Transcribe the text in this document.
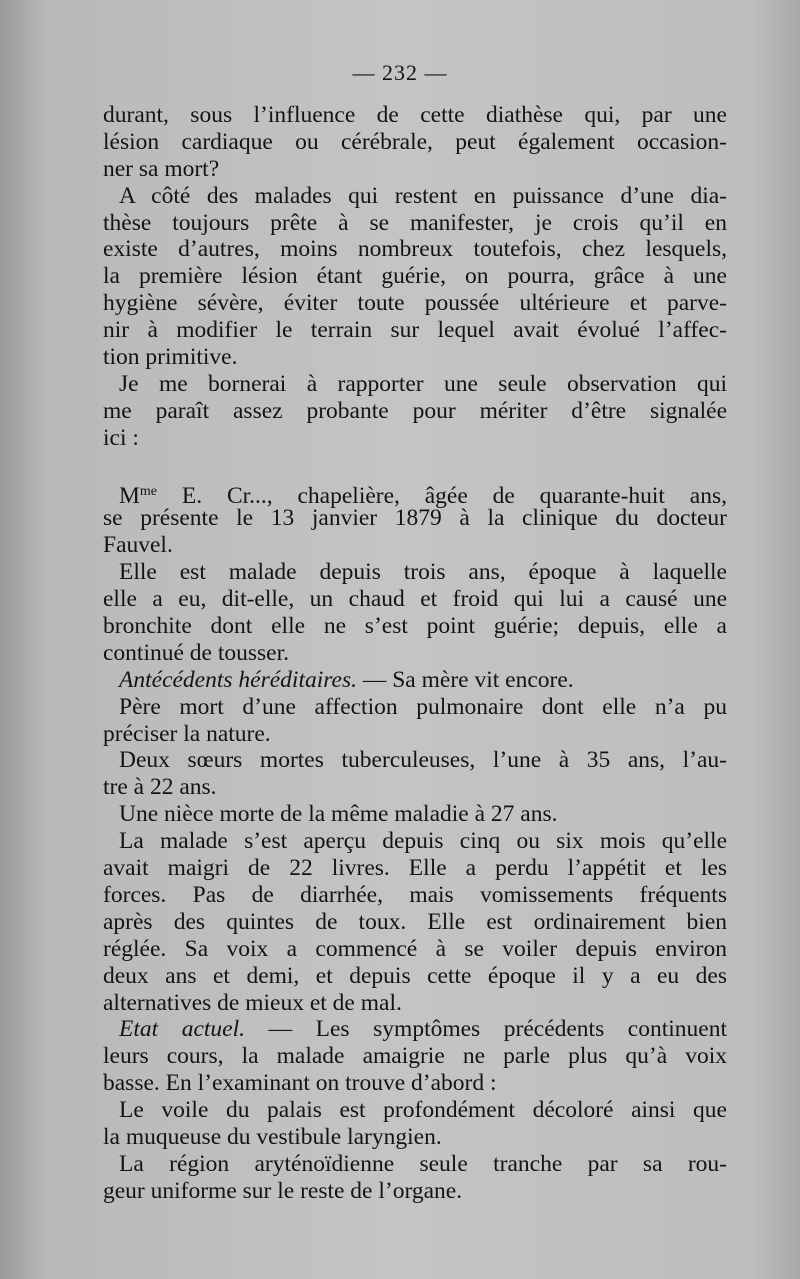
— 232 —
durant, sous l’influence de cette diathèse qui, par une
lésion cardiaque ou cérébrale, peut également occasion-
ner sa mort?
A côté des malades qui restent en puissance d’une dia-
thèse toujours prête à se manifester, je crois qu’il en
existe d’autres, moins nombreux toutefois, chez lesquels,
la première lésion étant guérie, on pourra, grâce à une
hygiène sévère, éviter toute poussée ultérieure et parve-
nir à modifier le terrain sur lequel avait évolué l’affec-
tion primitive.
Je me bornerai à rapporter une seule observation qui
me paraît assez probante pour mériter d’être signalée
ici :
$M^{me}$ E. Cr..., chapelière, âgée de quarante-huit ans,
se présente le 13 janvier 1879 à la clinique du docteur
Fauvel.
Elle est malade depuis trois ans, époque à laquelle
elle a eu, dit-elle, un chaud et froid qui lui a causé une
bronchite dont elle ne s’est point guérie; depuis, elle a
continué de tousser.
Antécédents héréditaires. — Sa mère vit encore.
Père mort d’une affection pulmonaire dont elle n’a pu
préciser la nature.
Deux sœurs mortes tuberculeuses, l’une à 35 ans, l’au-
tre à 22 ans.
Une nièce morte de la même maladie à 27 ans.
La malade s’est aperçu depuis cinq ou six mois qu’elle
avait maigri de 22 livres. Elle a perdu l’appétit et les
forces. Pas de diarrhée, mais vomissements fréquents
après des quintes de toux. Elle est ordinairement bien
réglée. Sa voix a commencé à se voiler depuis environ
deux ans et demi, et depuis cette époque il y a eu des
alternatives de mieux et de mal.
Etat actuel. — Les symptômes précédents continuent
leurs cours, la malade amaigrie ne parle plus qu’à voix
basse. En l’examinant on trouve d’abord :
Le voile du palais est profondément décoloré ainsi que
la muqueuse du vestibule laryngien.
La région aryténoïdienne seule tranche par sa rou-
geur uniforme sur le reste de l’organe.
